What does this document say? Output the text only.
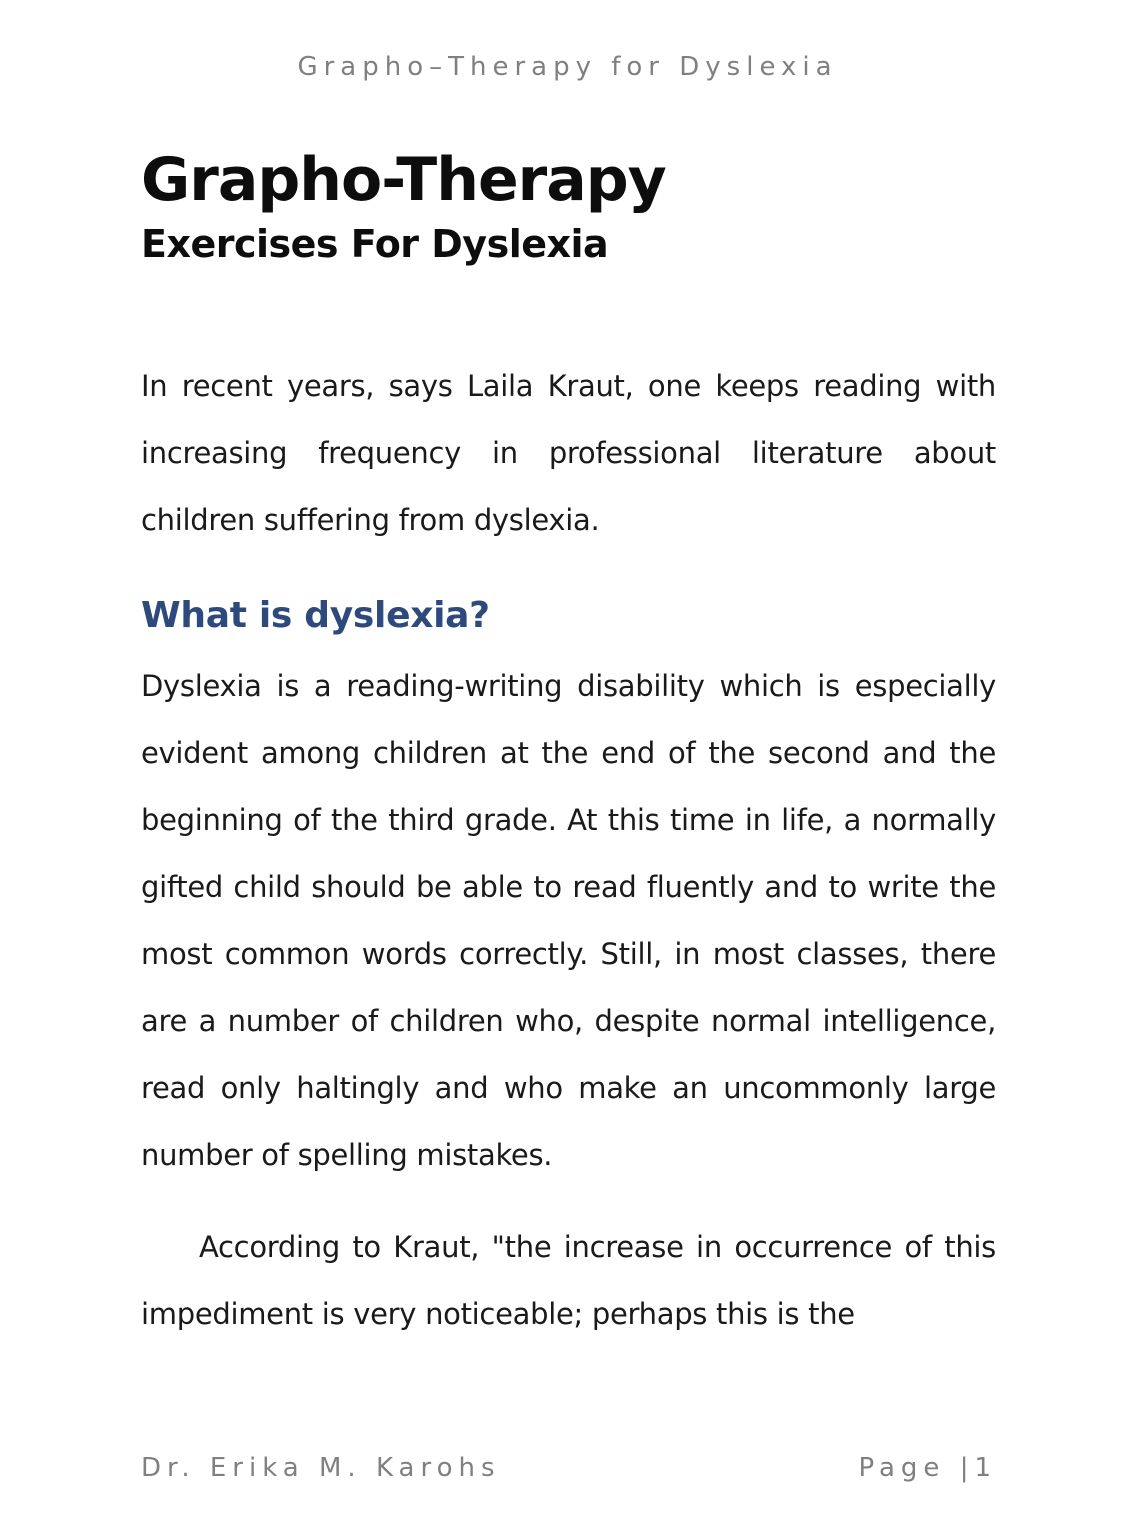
Grapho–Therapy for Dyslexia
Grapho-Therapy
Exercises For Dyslexia

In recent years, says Laila Kraut, one keeps reading with increasing frequency in professional literature about children suffering from dyslexia.

What is dyslexia?

Dyslexia is a reading-writing disability which is especially evident among children at the end of the second and the beginning of the third grade. At this time in life, a normally gifted child should be able to read fluently and to write the most common words correctly. Still, in most classes, there are a number of children who, despite normal intelligence, read only haltingly and who make an uncommonly large number of spelling mistakes.

According to Kraut, "the increase in occurrence of this impediment is very noticeable; perhaps this is the

Dr. Erika M. Karohs	Page |1
